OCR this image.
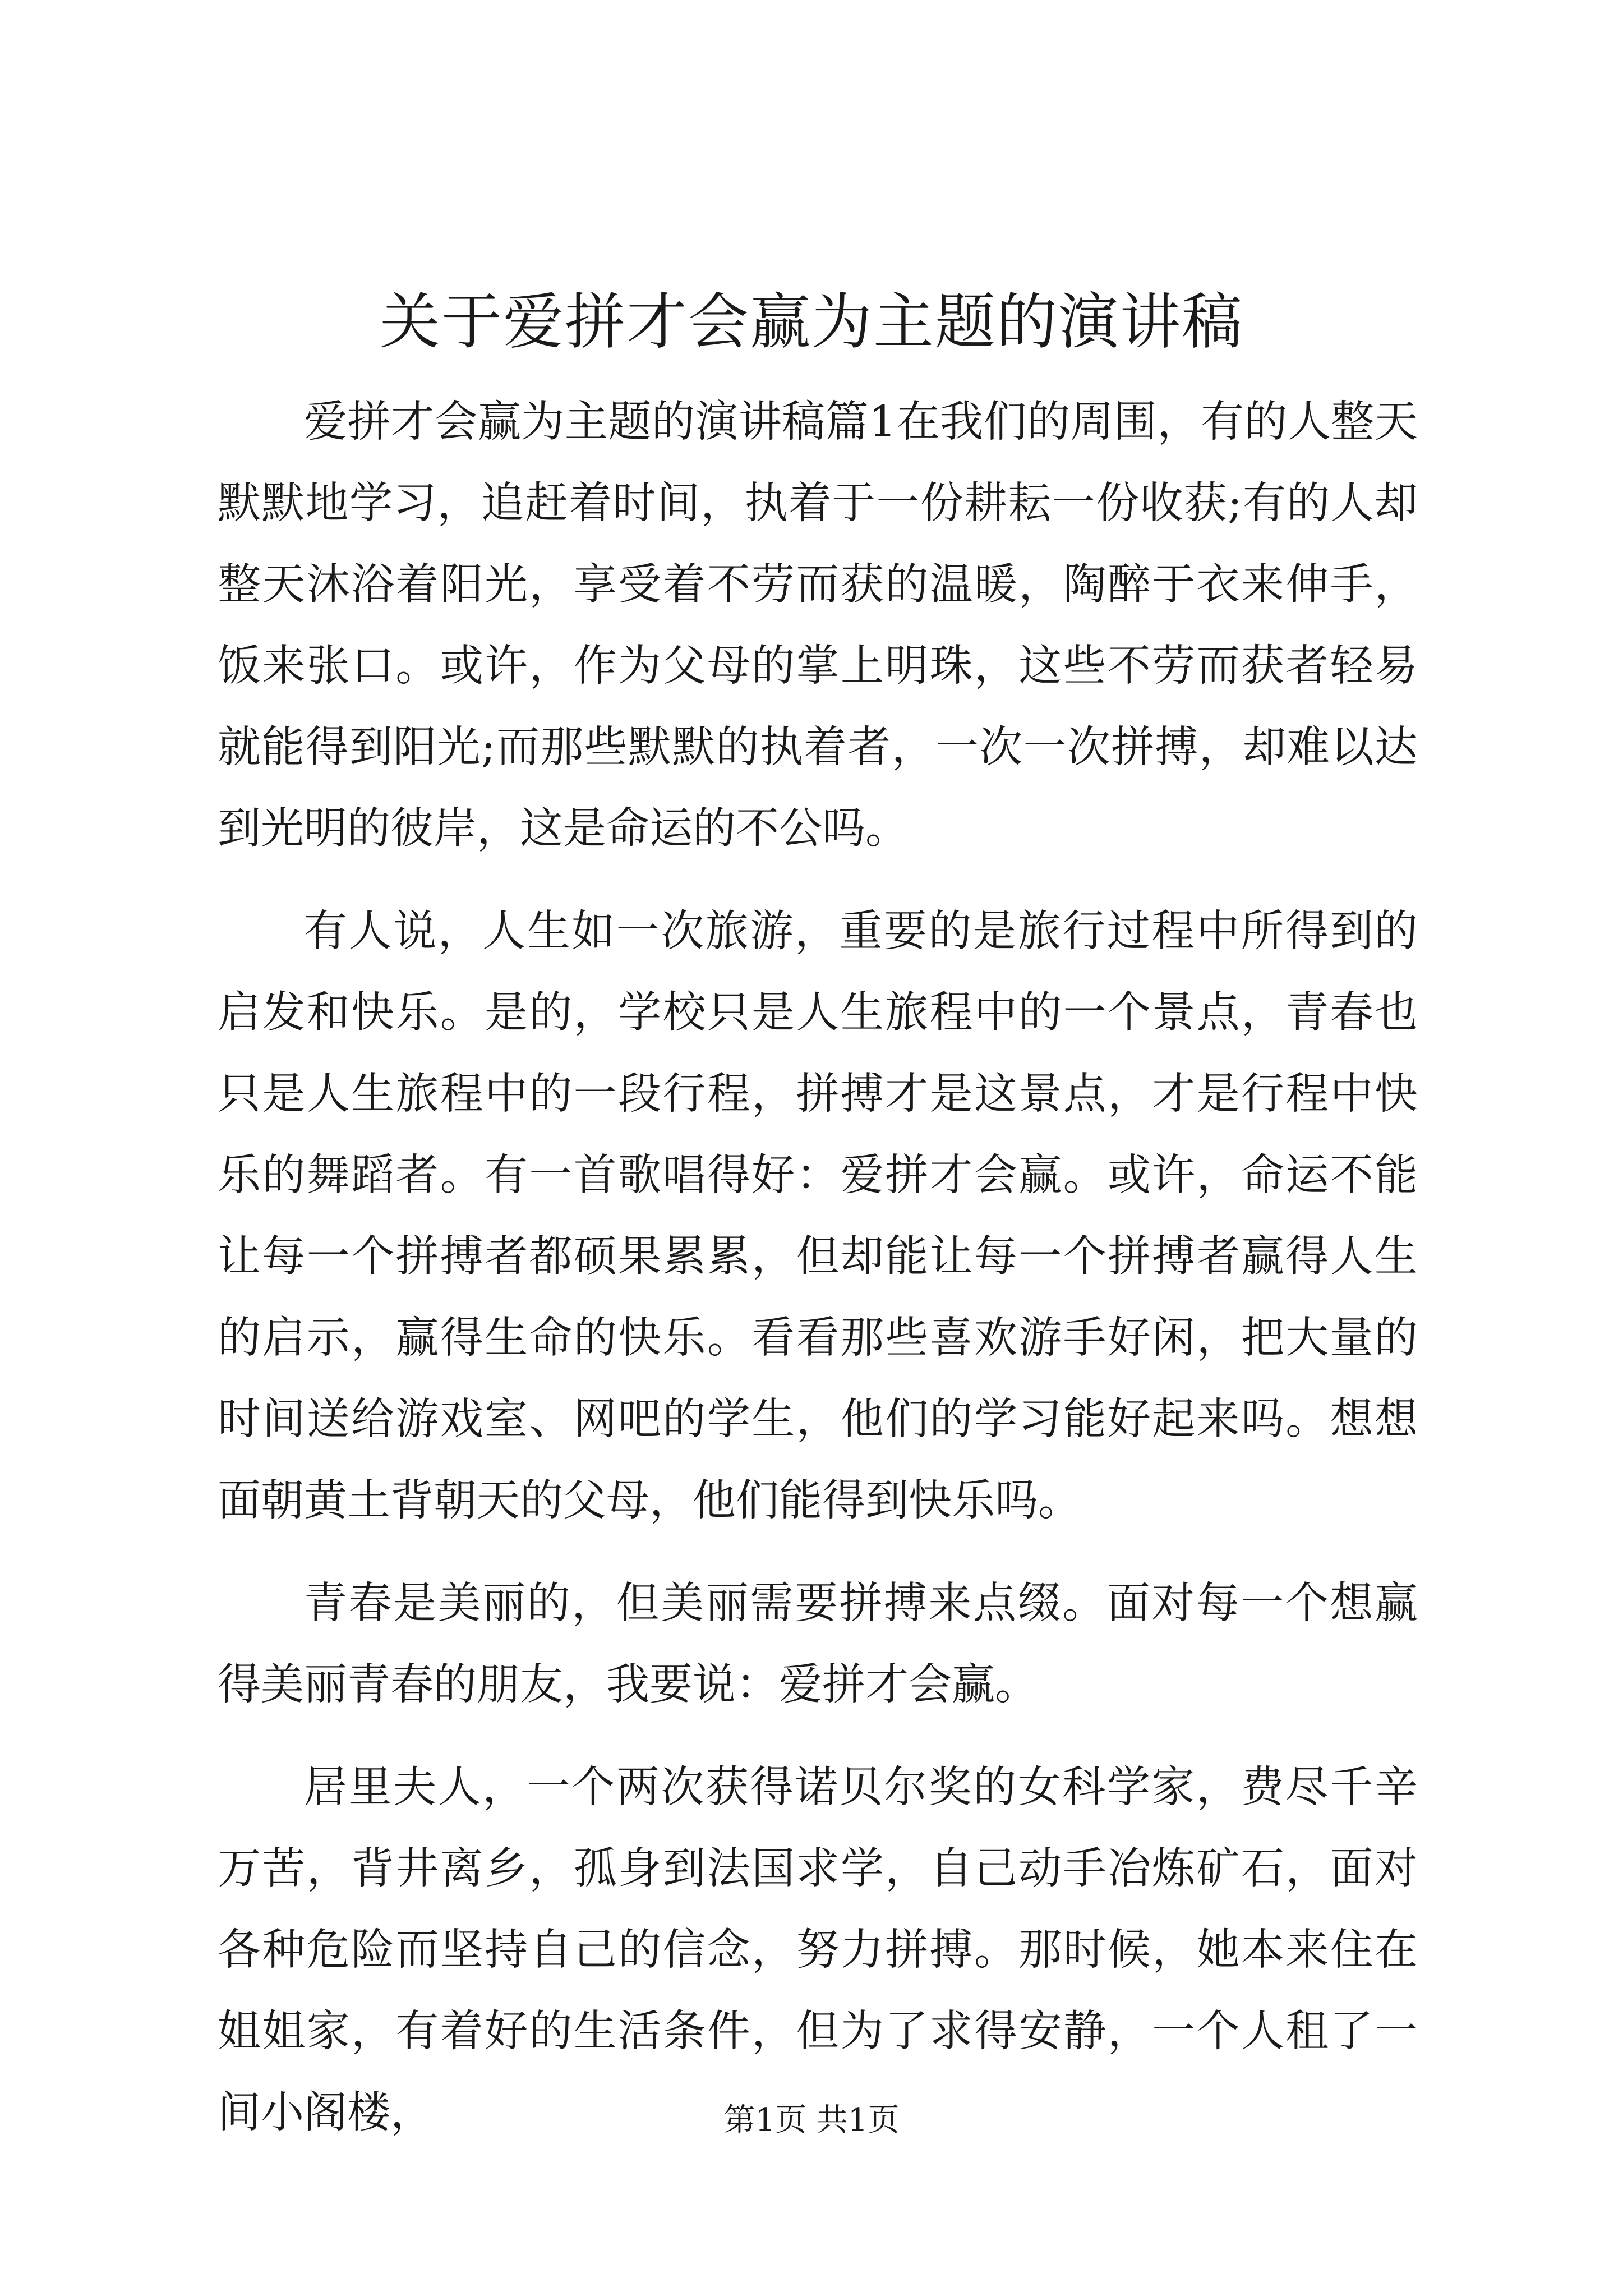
关于爱拼才会赢为主题的演讲稿

爱拼才会赢为主题的演讲稿篇1在我们的周围，有的人整天默默地学习，追赶着时间，执着于一份耕耘一份收获;有的人却整天沐浴着阳光，享受着不劳而获的温暖，陶醉于衣来伸手，饭来张口。或许，作为父母的掌上明珠，这些不劳而获者轻易就能得到阳光;而那些默默的执着者，一次一次拼搏，却难以达到光明的彼岸，这是命运的不公吗。

有人说，人生如一次旅游，重要的是旅行过程中所得到的启发和快乐。是的，学校只是人生旅程中的一个景点，青春也只是人生旅程中的一段行程，拼搏才是这景点，才是行程中快乐的舞蹈者。有一首歌唱得好：爱拼才会赢。或许，命运不能让每一个拼搏者都硕果累累，但却能让每一个拼搏者赢得人生的启示，赢得生命的快乐。看看那些喜欢游手好闲，把大量的时间送给游戏室、网吧的学生，他们的学习能好起来吗。想想面朝黄土背朝天的父母，他们能得到快乐吗。

青春是美丽的，但美丽需要拼搏来点缀。面对每一个想赢得美丽青春的朋友，我要说：爱拼才会赢。

居里夫人，一个两次获得诺贝尔奖的女科学家，费尽千辛万苦，背井离乡，孤身到法国求学，自己动手冶炼矿石，面对各种危险而坚持自己的信念，努力拼搏。那时候，她本来住在姐姐家，有着好的生活条件，但为了求得安静，一个人租了一间小阁楼，	第1页 共1页
